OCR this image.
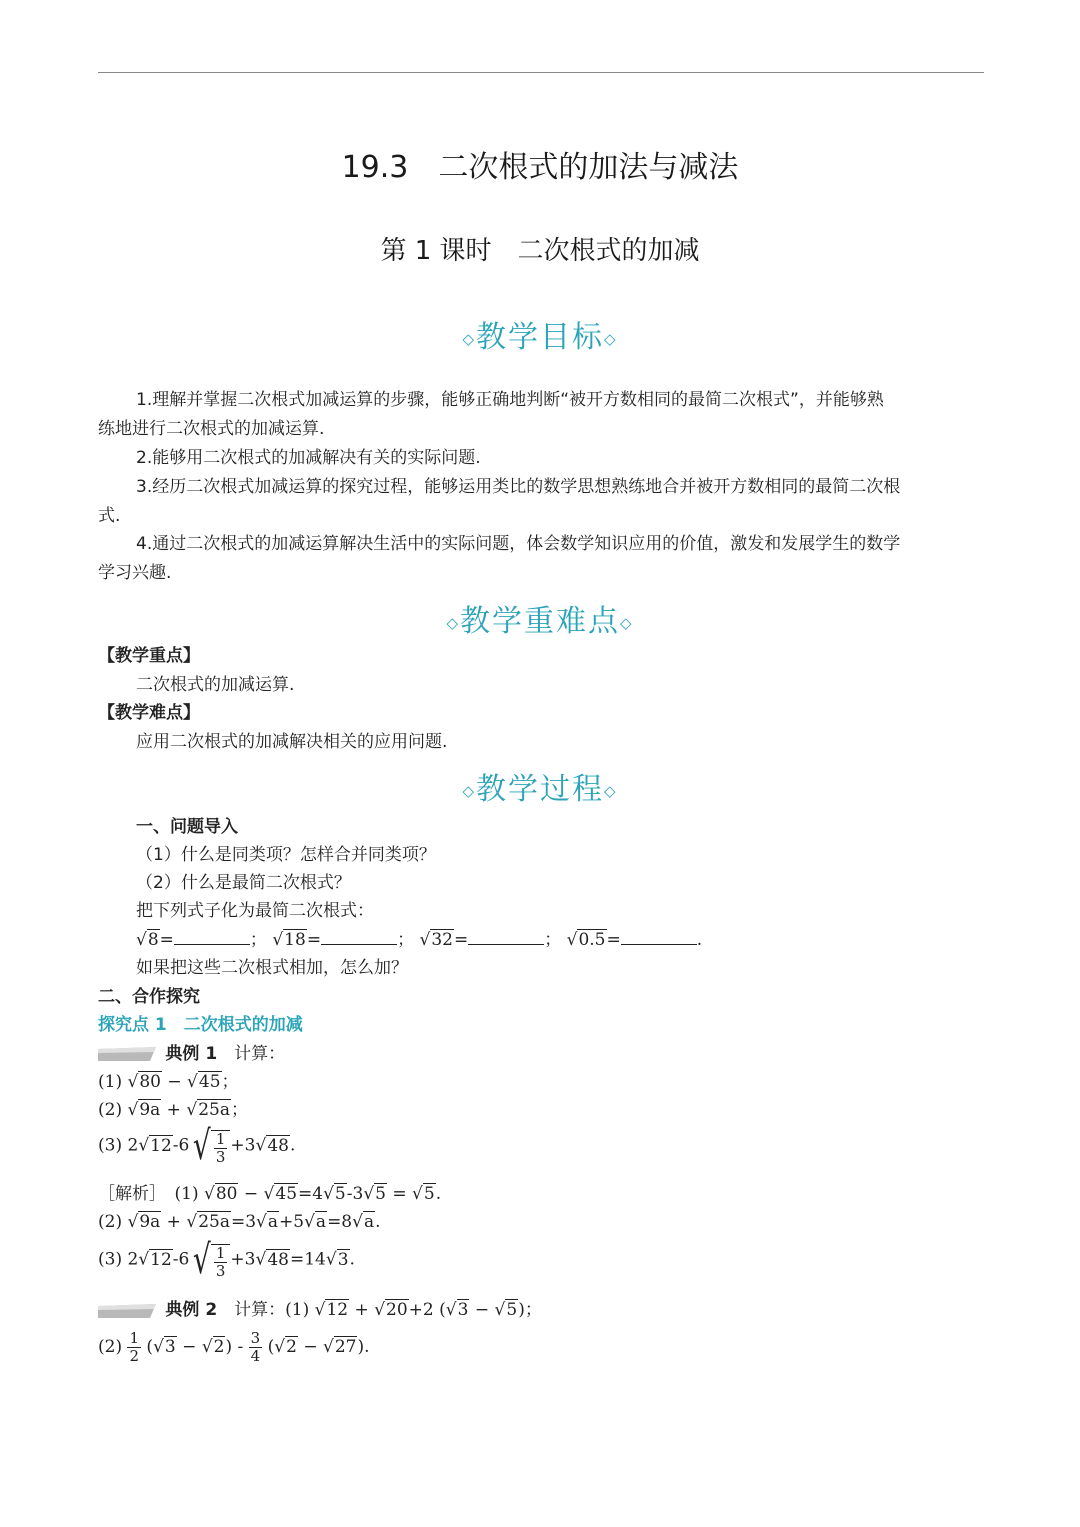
19.3　二次根式的加法与减法
第 1 课时　二次根式的加减
◇教学目标◇
1.理解并掌握二次根式加减运算的步骤，能够正确地判断“被开方数相同的最简二次根式”，并能够熟
练地进行二次根式的加减运算.
2.能够用二次根式的加减解决有关的实际问题.
3.经历二次根式加减运算的探究过程，能够运用类比的数学思想熟练地合并被开方数相同的最简二次根
式.
4.通过二次根式的加减运算解决生活中的实际问题，体会数学知识应用的价值，激发和发展学生的数学
学习兴趣.
◇教学重难点◇
【教学重点】
二次根式的加减运算.
【教学难点】
应用二次根式的加减解决相关的应用问题.
◇教学过程◇
一、问题导入
（1）什么是同类项？怎样合并同类项？
（2）什么是最简二次根式？
把下列式子化为最简二次根式：
√8=	； √18=	； √32=	； √0.5=	.
如果把这些二次根式相加，怎么加？
二、合作探究
探究点 1　二次根式的加减
典例 1　 计算：
(1) √80 − √45；
(2) √9a + √25a；
(3) $2√12-6√ \frac{1}{3} +3√48$.
［解析］　(1) √80 − √45=4√5-3√5 = √5.
(2) √9a + √25a=3√a+5√a=8√a.
(3) $2√12-6√ \frac{1}{3} +3√48=14√3$.
典例 2　 计算：(1) √12 + √20+2 (√3 − √5)；
$(2) \frac{1}{2} (√3 - √2) - \frac{3}{4} (√2 - √27)$.
